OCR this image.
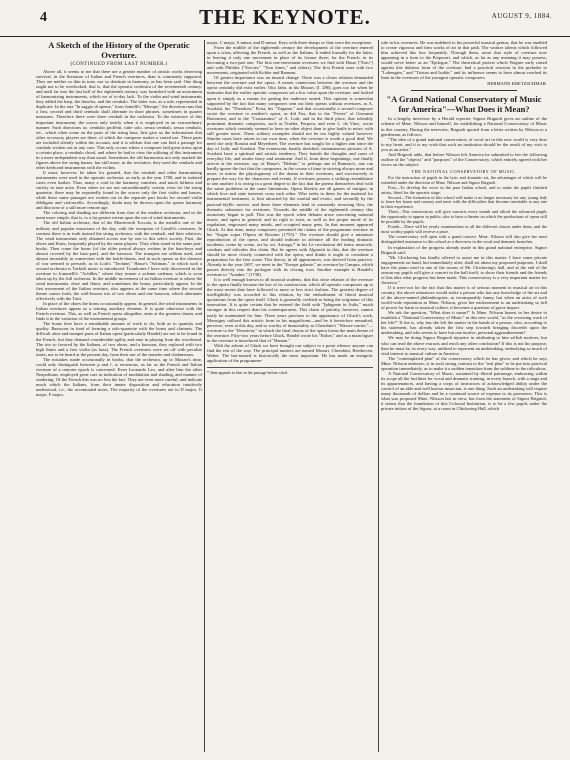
4	THE KEYNOTE.	AUGUST 9, 1884.
A Sketch of the History of the Operatic Overture.
(CONTINUED FROM LAST NUMBER.)

Above all, it seems to me that there are a greater number of artistic works deserving survival, in the literature of Italian and French overtures, than is commonly supposed. They are neither so thin in tone, nor so destitute in harmony, as has been said. One thing ought not to be overlooked, that is, that the operatic orchestra of the seventeenth century, and until far into the last half of the eighteenth century, was furnished with an assortment of harmonizing instruments, which we of to-day lack. To the violin and wind instruments they added the harp, the theorbo, and the cembalo. The latter was, as a rule, represented in duplicate. In the aria "In saggio di speme," from Jomelli's "Merope," the direction runs that a first, second and third cembalo shall alternate in short phrases, sometimes in quarter measures. Therefore there were three cembali in the orchestra. To the existence of this important instrument, the scores only testify when it is employed in an extraordinary manner. Such directions as: cembalo proffetti, tutte solo, senza cembali, senza cembalo, etc., which often come on the parts of the string bass, first give us the information that other accessory players are there, of which the composer makes a varied use. These parts are included silently within the account, and it is seldom that one can find a passage for cembalo written out in any case. This only occurs where a composer laid great stress upon a certain place, a cembalo chord, and where he had to view the utilizing of this instrument in a more independent way than usual. Sometimes the old harmonists not only marked the figures above the string basses, but still more, in the recitative, they used the cembalo and other keyboard instruments with the violins.

It must, however, be taken for granted, that the cembali and other harmonizing instruments were used in the operatic orchestra, as early as the year 1700, and in isolated cases even further. Thus, many a void in the harmony vanishes, and much fullness and variety in tone arise. Even when we are not unconditionally certain, even for the string quartette, there may be repeatedly found in the scores only the first violin and basses, while these same passages are written out in the separate part books for second violin obbligato and violoncello. Accordingly, doubt may be thrown upon the sparse harmony and thin tone of a still more remote age.

The coloring and shading are different from that of the modern orchestra, and in the main more simple, that is, to a far greater extent upon the use of wind instruments.

The old Italian orchestra, that of the Monteverdi Toccata, is the metallic one of the military and popular musicians of the day, with the exception of Cavalli's overtures. In contrast there is in truth instead the string orchestra, with the cembali, and their relatives. The wind instruments only obtained access one by one to this select society. First, the oboes and flutes, frequently played by the same players. They often stand in the same part-books. Then come the horns (of the older period always written in the bass-keys and almost covered by the bass-part), and the bassoon. The trumpets are seldom used, and almost invariably in connection with the kettle-drums, and in such operas as the clamour of war seemed to pervade, as in Lotti's "Teofane," Hasse's "Soliman," in which such a second orchestra is Turkish music is introduced. Trombones I have only discovered in the overture to Jommelli's "Achilles," where they intone a solemn cadenza, which is soon taken up by the full orchestra. In the middle movement of an Italian overture is where the wind instruments, oboe and flutes, and sometimes the horns, particularly appear. In the first movement of the Italian overture, also appears at the same time where the second theme comes forth, the well-known trio of two oboes and one bassoon, which alternates effectively with the Tutti.

In place of the oboes the horns occasionally appear. In general, the wind instruments in Italian overtures appear as a retiring auxiliary element. It is quite otherwise with the French overture. This, as well as French opera altogether, aims at the greatest charm, and finds it in the variation of the instrumental groups.

The horns here have a remarkable amount of work to do, both as to quantity and quality. Bassoons in fond of forming a solo-quartette with the horns and clarinets. The difficult oboe and trumpet parts of Italian opera (particularly Handel) are not to be found in the French, but they demand considerable agility and ease in playing from the woodwind. The trio so favored by the Italians, of two oboes, and a bassoon, they replaced with two high flutes and a first violin (as bass). The French overtures were set off with peculiar tones, not to be heard at the present day, from their use of the musette and chalumeaux.

The mistakes made occasionally in books, that the orchestra, up to Mozart's time, could only distinguish between p and f, is erroneous, as far as the French and Italian overture of a remoter epoch is concerned. Even Leonardo Leo, and after him the other Neapolitans, employed great care in indication of modulation and shading, and manner of rendering. Of the French this was no less the fact. They are even more careful, and indicate much which the Italians, from their innate disposition and education intuitively understood, i.e., the accentuated notes. The majority of the overtures are in D major, G major, F major,

major, C major, A minor, and D minor. Keys with three sharps or flats were the exceptions.

From the middle of the eighteenth century the development of the overture entered upon a crisis, affecting the French, as well as the Italians. It ended formally for the latter, in leaving it only one movement in place of its former three; for the French, in its becoming a two-part one. The first one-movement overtures we find with Hasse ("Ezio") and with Philidor ("Sorcier," "Tom Jones," and others). The first French ones with two movements, originated with Kohler and Rameau.

Of greater importance was an inward change. There was a closer relation demanded between the overture and the opera. A nearer connection between the overture and the opera certainly did exist earlier. Otto Jahn, in his Mozart, (I. 286), goes too far when he intimates that the earlier operatic composers set a low value upon the overture, and looked upon it simply as a means for getting the audience seated. This opinion is somewhat supported by the fact that many composers sent out their operas without overtures, as A. Scarlatti, his "Theodora," Porta, his "Tirgame," and that occasionally a second composer wrote the overture to another's opera, as did Fux, that to the "Festes" of Giovanni Bononcini, and to the "Constantino" of A. Lotti, and in the third place, that tolerably prominent dramatic composers, such as Traëtta, Porpora, and even L. da Vinci, wrote overtures which certainly seemed to have no other object than to give battle to noise, with still greater noise. These solitary examples should not be too highly valued however. Similar cases have arisen in our own time, when the overture is worth a good deal. We need cite only Rossini and Meyerbeer. The overture has sought for a higher aim since the day of Lully and Scarlatti. The evanescent, hastily sketched, instantaneous pictures of A. Scarlatti have a spiritual and artistic tendency. They banish the thoughts and cares of everyday life, and awake fancy and sentiment. And if, from these beginnings, one finally arrives at the overture, say, of Hasse's "Didone," or perhaps one of Rameau's, one can hardly ignore the fact that the composers, in the course of time in striving always more and more, to mirror the physiognomy of the drama in their overtures, and successively to prepare the way for the characters and events. If overtures possess a striking resemblance to one another it is owing in a great degree to the fact that the poems themselves deal with the same problems in the same limitations. Opera librettis are all games of intrigue, in which love and state interests cross each other. Who seeks in them for the material for instrumental treatment, is first attracted by the martial and exotic, and secondly by the pastoral-idyllic motive, and these three elements lend in constantly recurring flow, the thematic substance for overtures. Towards the middle of the eighteenth century this monotony began to pall. This was the epoch when debates arose concerning national music, and opera in general; and its right to exist, as well as the proper mode of its regulation, engrossed many minds, and occupied many pens. In that moment appeared Gluck. At that time, many composers presented the claims of the programme overture in his "Sogno sopra l'Opera de Rossino (1755)." The overture should give a miniature reproduction of the opera, and should indicate in advance all the leading dramatic incidents, scene by scene, act by act. Arteaga,* in his Le rivoluzioni del teatro musicale, combats and ridicules this claim. But he agrees with Algarotti in this, that the overture should be more closely connected with the opera, and thinks it ought to constitute a preparation for the first scene. This theory, in all appearances, was derived from practice. Already in the year 1697, we meet in the "Europe galante," an overture by Campra, which passes directly into the prologue with its closing icon. Another example is Handel's overture to "Ariadne," (1738).

It is well enough known to all musical students, that this close relation of the overture to the opera finally became the law of its construction, which all operatic composers up to the most recent date have followed to more or less strict fashion. The greatest degree of intelligibility was accorded to this relation, by the embodiment of literal musical quotations from the opera itself. Gluck is generally credited as being the originator of this innovation. It is quite certain that he entered the field with "Iphigenie in Aulis," much stronger in this respect than his contemporaries. This claim of priority, however, cannot justly be maintained for him. Three years previous to the appearance of Gluck's work, Monsigny utilized this artistic form in his magnificent—and be it heretofore remarked, perverse, even at this day, and so worthy of immortality as Cherubini's "Wasser-carrier,"—overture to the "Deserteur," in which the final chorus of the opera forms the main theme of the overture. Fifty-two years before Gluck, Handel wrote his "Esther," and as a main figure in the overture is introduced that of "Haman."

With the advent of Gluck we have brought our subject to a point whence anyone can find the rest of the way. The principal masters are named Mozart, Cherubini, Beethoven, Weber. The last-named is historically the most important. He has made an energetic application of the programme-

* Jahn appeals to him in the passage before cited.

rule in his overtures. He was indebted to his powerful musical genius, that he was enabled to create vigorous and firm works of art in that path. The weaker talents which followed him achieved this less frequently. Through them, arose that style of overture now appearing in a form to the Potpourri, and which, as far as any meaning it may possess, would serve better as an "Epilogue." The theoretical protest which Wagner early raised against this dubious form of the overture, had a practical reaction in the preludes to "Lohengrin," and "Tristan and Isolde," and its influence seems to have almost reached its limit in the overtures of the youngest operatic composers.

HERMANN KRETZSCHMAR.
"A Grand National Conservatory of Music for America"—What Does it Mean?

In a lengthy interview by a Herald reporter, Signor Brignoli gives an outline of the scheme of Mme. Nilsson and himself, for establishing a National Conservatory of Music in this country. During the interview, Brignoli quoted from a letter written by Nilsson to a gentleman, as follows:

"The idea of a grand national conservatory of vocal art in this new world is very dear to my heart, and it is my wish that such an institution should be the result of my visit to you as an artist."

And Brignoli adds, that before Nilsson left America he submitted to her the following outline of the "objects" and "purposes" of the Conservatory, which entirely agreed with her views on the subject:

THE NATIONAL CONSERVATORY OF MUSIC.

For the instruction of pupils in the lyric and dramatic art, the advantages of which will be extended under the direction of Mme. Nilsson and Signor Brignoli.

First—To develop the voice in the pure Italian school, and to make the pupils finished artists, fitted for the operatic stage.

Second—The formation of this school will make it no longer necessary for any young lady to leave her home and country and meet with the difficulties that become inevitable to any one in their experience.

Third—This conservatory will give concerts every month and afford the advanced pupils the opportunity to appear in public; also to have a theatre on which the productions of opera will be possible by the pupils.

Fourth—There will be yearly examinations in all the different classes under them, and the most worthy pupils will receive a prize.

The conservatory will open with a grand concert. Mme. Nilsson will also give her most distinguished assistance to this school as a directress in the vocal and dramatic branches.

In explanation of the progress already made in this grand national enterprise, Signor Brignoli said:

"Mr. Chickering has kindly offered to assist me in this matter. I have some private engagements on hand, but immediately after, shall set about my proposed purposes. I shall have the piano used in one of the rooms of Mr. Chickering's hall, and at the end of the season my pupils will give a concert in the hall itself, to show their friends and the friends of this idea what progress has been made. This conservatory is a very important matter for America."

If it were not for the fact that this matter is of serious moment to musical art in this country, the above utterances would strike a person who has any knowledge of the art and of the above-named philanthropists, as incomparably funny, but when an artist of such world-wide reputation as Mme. Nilsson, gives her endorsement to an undertaking so full of power for harm to musical culture, it becomes a question of grave import.

We ask the question, "What does it mean?" Is Mme. Nilsson honest in her desire to establish a "National Conservatory of Music" in this new world, "as the crowning work of her life?" If she is, why has she left the matter in the hands of a person, who, according to his statement, has already taken the first step towards bringing discredit upon the undertaking, and who seems to have but one motive, personal aggrandizement?

We may be doing Signor Brignoli injustice in attributing to him selfish motives, but who can read the above extracts and reach any other conclusion? If this is not his purpose, then he must be, in every way, unfitted to represent an undertaking, embodying so much of vital interest to musical culture in America.

The "contemplated plan" of the conservatory which he has given, and which he says Mme. Nilsson endorses, is in such strong contrast to the "real plan" to be put into practical operation immediately, as to make it a sudden transition from the sublime to the ridiculous.

A National Conservatory of Music, sustained by liberal patronage, embracing within its scope all the facilities for vocal and dramatic training, in every branch, with a stage and its appurtenances, and having a corps of instructors of acknowledged ability under the control of an able and well known musician, is one thing. Such an undertaking will require many thousands of dollars and be a continual source of expense to its promoters. This is what was proposed Mme. Nilsson last in view, but from the statement of Signor Brignoli, it seems that the foundation of this Colossal Institution, is to be a few pupils under the private tuition of the Signor, at a room in Chickering Hall, which
